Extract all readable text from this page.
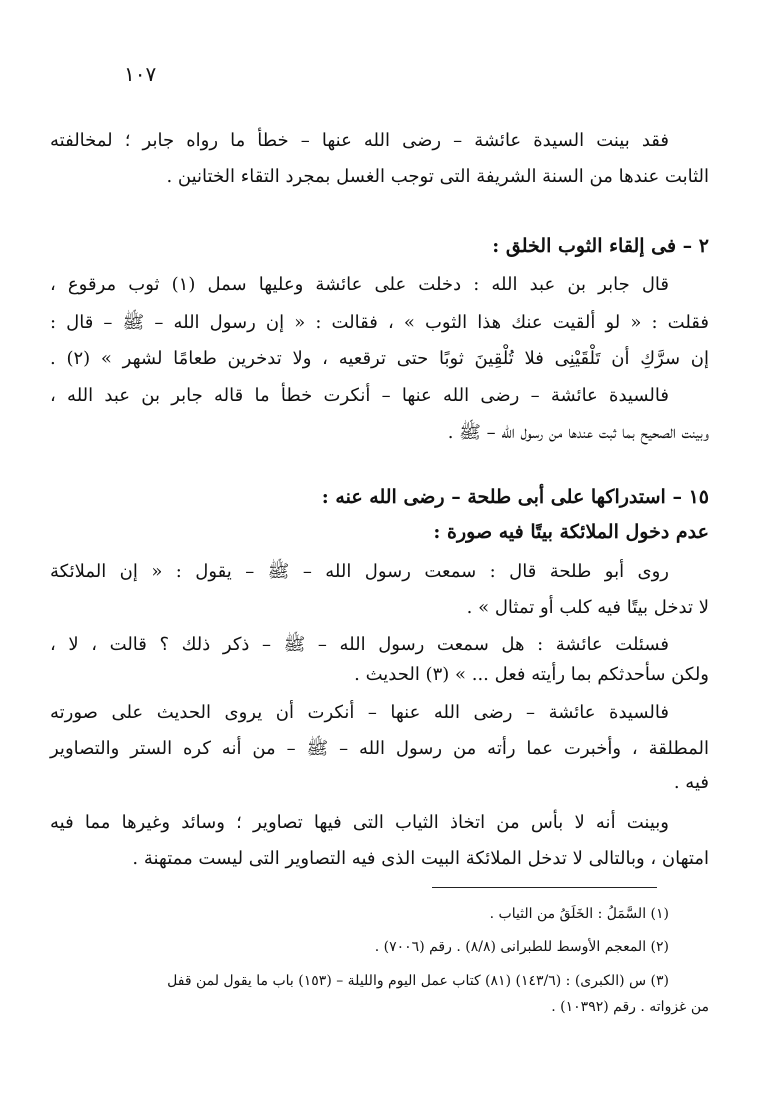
١٠٧
فقد بينت السيدة عائشة – رضى الله عنها – خطأ ما رواه جابر ؛ لمخالفته
الثابت عندها من السنة الشريفة التى توجب الغسل بمجرد التقاء الختانين .
٢ – فى إلقاء الثوب الخلق :
قال جابر بن عبد الله : دخلت على عائشة وعليها سمل (١) ثوب مرقوع ،
فقلت : « لو ألقيت عنك هذا الثوب » ، فقالت : « إن رسول الله – ﷺ – قال :
إن سرَّكِ أن تَلْقَيْنِى فلا تُلْقِينَ ثوبًا حتى ترقعيه ، ولا تدخرين طعامًا لشهر » (٢) .
فالسيدة عائشة – رضى الله عنها – أنكرت خطأ ما قاله جابر بن عبد الله ،
وبينت الصحيح بما ثبت عندها من رسول الله – ﷺ .
١٥ – استدراكها على أبى طلحة – رضى الله عنه :
عدم دخول الملائكة بيتًا فيه صورة :
روى أبو طلحة قال : سمعت رسول الله – ﷺ – يقول : « إن الملائكة
لا تدخل بيتًا فيه كلب أو تمثال » .
فسئلت عائشة : هل سمعت رسول الله – ﷺ – ذكر ذلك ؟ قالت ، لا ،
ولكن سأحدثكم بما رأيته فعل ... » (٣) الحديث .
فالسيدة عائشة – رضى الله عنها – أنكرت أن يروى الحديث على صورته
المطلقة ، وأخبرت عما رأته من رسول الله – ﷺ – من أنه كره الستر والتصاوير
فيه .
وبينت أنه لا بأس من اتخاذ الثياب التى فيها تصاوير ؛ وسائد وغيرها مما فيه
امتهان ، وبالتالى لا تدخل الملائكة البيت الذى فيه التصاوير التى ليست ممتهنة .
(١) السَّمَلُ : الخَلَقُ من الثياب .
(٢) المعجم الأوسط للطبرانى (٨/٨) . رقم (٧٠٠٦) .
(٣) س (الكبرى) : (١٤٣/٦) (٨١) كتاب عمل اليوم والليلة – (١٥٣) باب ما يقول لمن قفل
من غزواته . رقم (١٠٣٩٢) .
